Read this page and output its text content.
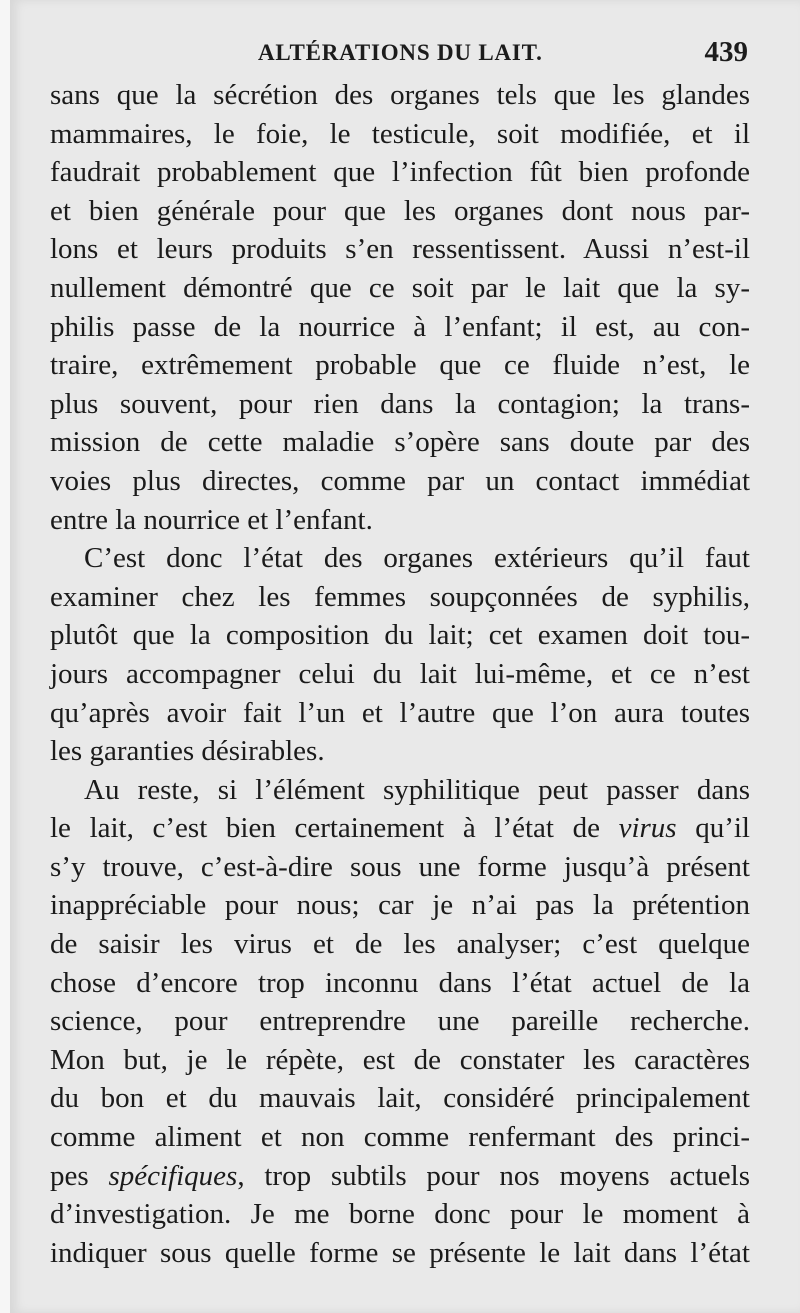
ALTÉRATIONS DU LAIT.	439
sans que la sécrétion des organes tels que les glandes
mammaires, le foie, le testicule, soit modifiée, et il
faudrait probablement que l’infection fût bien profonde
et bien générale pour que les organes dont nous par-
lons et leurs produits s’en ressentissent. Aussi n’est-il
nullement démontré que ce soit par le lait que la sy-
philis passe de la nourrice à l’enfant; il est, au con-
traire, extrêmement probable que ce fluide n’est, le
plus souvent, pour rien dans la contagion; la trans-
mission de cette maladie s’opère sans doute par des
voies plus directes, comme par un contact immédiat
entre la nourrice et l’enfant.
C’est donc l’état des organes extérieurs qu’il faut
examiner chez les femmes soupçonnées de syphilis,
plutôt que la composition du lait; cet examen doit tou-
jours accompagner celui du lait lui-même, et ce n’est
qu’après avoir fait l’un et l’autre que l’on aura toutes
les garanties désirables.
Au reste, si l’élément syphilitique peut passer dans
le lait, c’est bien certainement à l’état de virus qu’il
s’y trouve, c’est-à-dire sous une forme jusqu’à présent
inappréciable pour nous; car je n’ai pas la prétention
de saisir les virus et de les analyser; c’est quelque
chose d’encore trop inconnu dans l’état actuel de la
science, pour entreprendre une pareille recherche.
Mon but, je le répète, est de constater les caractères
du bon et du mauvais lait, considéré principalement
comme aliment et non comme renfermant des princi-
pes spécifiques, trop subtils pour nos moyens actuels
d’investigation. Je me borne donc pour le moment à
indiquer sous quelle forme se présente le lait dans l’état
